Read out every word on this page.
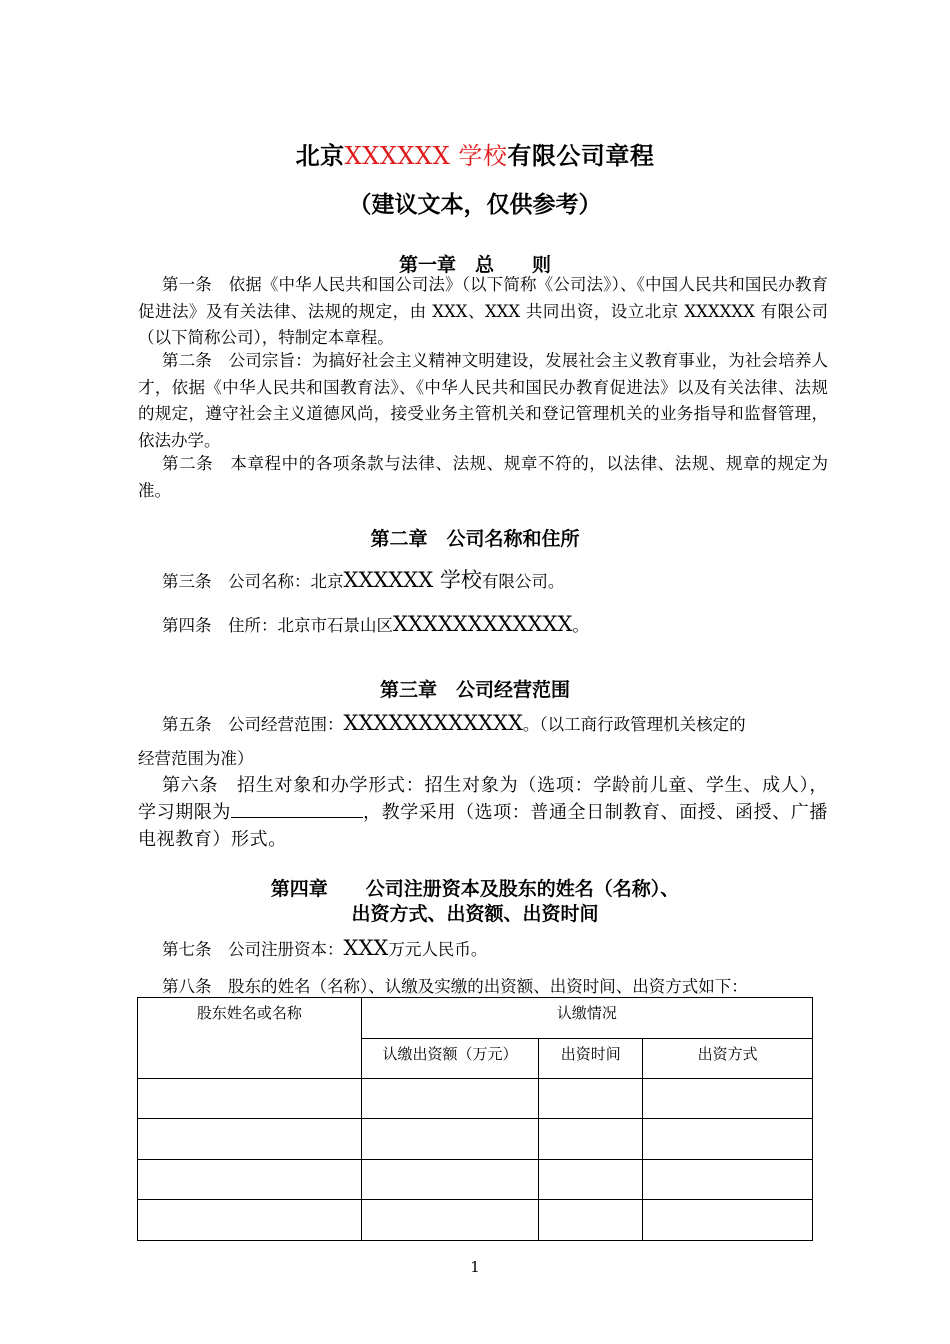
北京XXXXXX 学校有限公司章程
（建议文本，仅供参考）
第一章　总　　则
第一条　依据《中华人民共和国公司法》（以下简称《公司法》）、《中国人民共和国民办教育促进法》及有关法律、法规的规定，由 XXX、XXX 共同出资，设立北京 XXXXXX 有限公司（以下简称公司），特制定本章程。
第二条　公司宗旨：为搞好社会主义精神文明建设，发展社会主义教育事业，为社会培养人才，依据《中华人民共和国教育法》、《中华人民共和国民办教育促进法》以及有关法律、法规的规定，遵守社会主义道德风尚，接受业务主管机关和登记管理机关的业务指导和监督管理，依法办学。
第二条　本章程中的各项条款与法律、法规、规章不符的，以法律、法规、规章的规定为准。
第二章　公司名称和住所
第三条　公司名称：北京XXXXXX 学校有限公司。
第四条　住所：北京市石景山区XXXXXXXXXXXX。
第三章　公司经营范围
第五条　公司经营范围：XXXXXXXXXXXX。（以工商行政管理机关核定的
经营范围为准）
第六条　招生对象和办学形式：招生对象为（选项：学龄前儿童、学生、成人），学习期限为	，教学采用（选项：普通全日制教育、面授、函授、广播电视教育）形式。
第四章　　公司注册资本及股东的姓名（名称）、
出资方式、出资额、出资时间
第七条　公司注册资本：XXX万元人民币。
第八条　股东的姓名（名称）、认缴及实缴的出资额、出资时间、出资方式如下：
股东姓名或名称	认缴情况		
	认缴出资额（万元）	出资时间	出资方式

1
